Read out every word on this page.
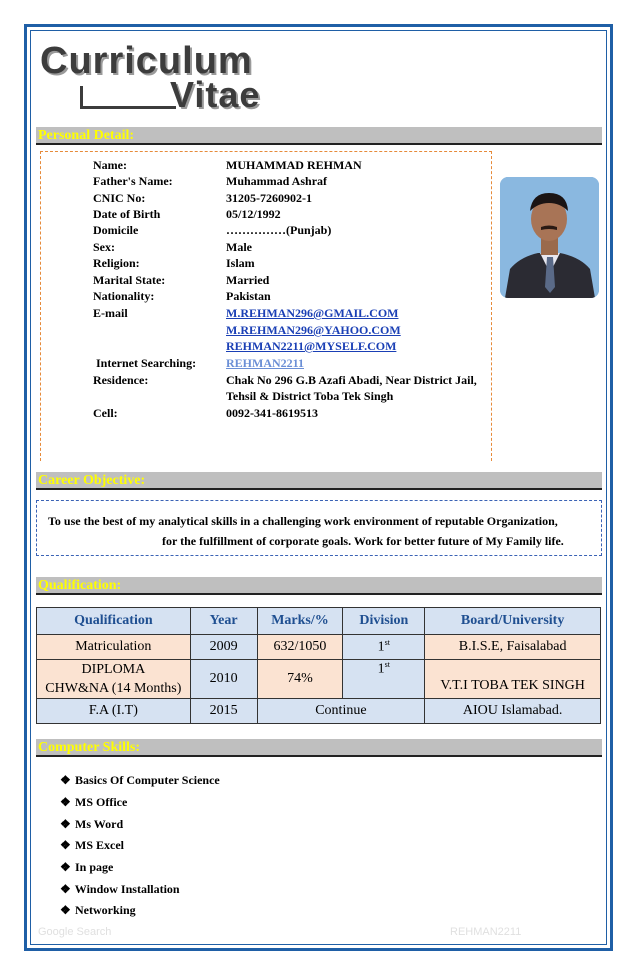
Curriculum
Vitae
Personal Detail:
Name:	MUHAMMAD REHMAN
Father's Name:	Muhammad Ashraf
CNIC No:	31205-7260902-1
Date of Birth	05/12/1992
Domicile	……………(Punjab)
Sex:	Male
Religion:	Islam
Marital State:	Married
Nationality:	Pakistan
E-mail	M.REHMAN296@GMAIL.COM
M.REHMAN296@YAHOO.COM
REHMAN2211@MYSELF.COM
Internet Searching: REHMAN2211
Residence:	Chak No 296 G.B Azafi Abadi, Near District Jail,
Tehsil & District Toba Tek Singh
Cell:	0092-341-8619513
Career Objective:

To use the best of my analytical skills in a challenging work environment of reputable Organization,

for the fulfillment of corporate goals. Work for better future of My Family life.

Qualification:
Qualification	Year	Marks/%	Division	Board/University
Matriculation	2009	632/1050	1st	B.I.S.E, Faisalabad

DIPLOMA
CHW&NA (14 Months)	2010	74%	1st	V.T.I TOBA TEK SINGH
F.A (I.T)	2015	Continue		AIOU Islamabad.
Computer Skills:
❖ Basics Of Computer Science
❖ MS Office
❖ Ms Word
❖ MS Excel
❖ In page
❖ Window Installation
❖ Networking
Google Search	REHMAN2211
